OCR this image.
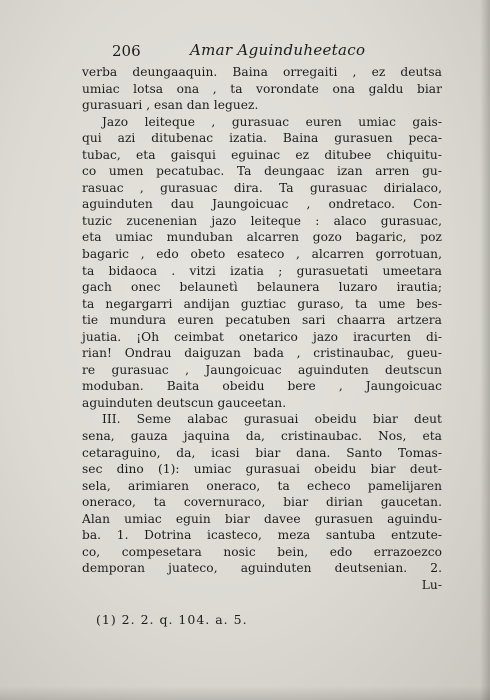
206	Amar Aguinduheetaco
verba deungaaquin. Baina orregaiti , ez deutsa
umiac lotsa ona , ta vorondate ona galdu biar
gurasuari , esan dan leguez.
Jazo leiteque , gurasuac euren umiac gais-
qui azi ditubenac izatia. Baina gurasuen peca-
tubac, eta gaisqui eguinac ez ditubee chiquitu-
co umen pecatubac. Ta deungaac izan arren gu-
rasuac , gurasuac dira. Ta gurasuac dirialaco,
aguinduten dau Jaungoicuac , ondretaco. Con-
tuzic zucenenian jazo leiteque : alaco gurasuac,
eta umiac munduban alcarren gozo bagaric, poz
bagaric , edo obeto esateco , alcarren gorrotuan,
ta bidaoca . vitzi izatia ; gurasuetati umeetara
gach onec belaunetì belaunera luzaro irautia;
ta negargarri andijan guztiac guraso, ta ume bes-
tie mundura euren pecatuben sari chaarra artzera
juatia. ¡Oh ceimbat onetarico jazo iracurten di-
rian! Ondrau daiguzan bada , cristinaubac, gueu-
re gurasuac , Jaungoicuac aguinduten deutscun
moduban. Baita obeidu bere , Jaungoicuac
aguinduten deutscun gauceetan.
III. Seme alabac gurasuai obeidu biar deut
sena, gauza jaquina da, cristinaubac. Nos, eta
cetaraguino, da, icasi biar dana. Santo Tomas-
sec dino (1): umiac gurasuai obeidu biar deut-
sela, arimiaren oneraco, ta echeco pamelijaren
oneraco, ta covernuraco, biar dirian gaucetan.
Alan umiac eguin biar davee gurasuen aguindu-
ba. 1. Dotrina icasteco, meza santuba entzute-
co, compesetara nosic bein, edo errazoezco
demporan juateco, aguinduten deutsenian. 2.
Lu-
(1) 2. 2. q. 104. a. 5.
